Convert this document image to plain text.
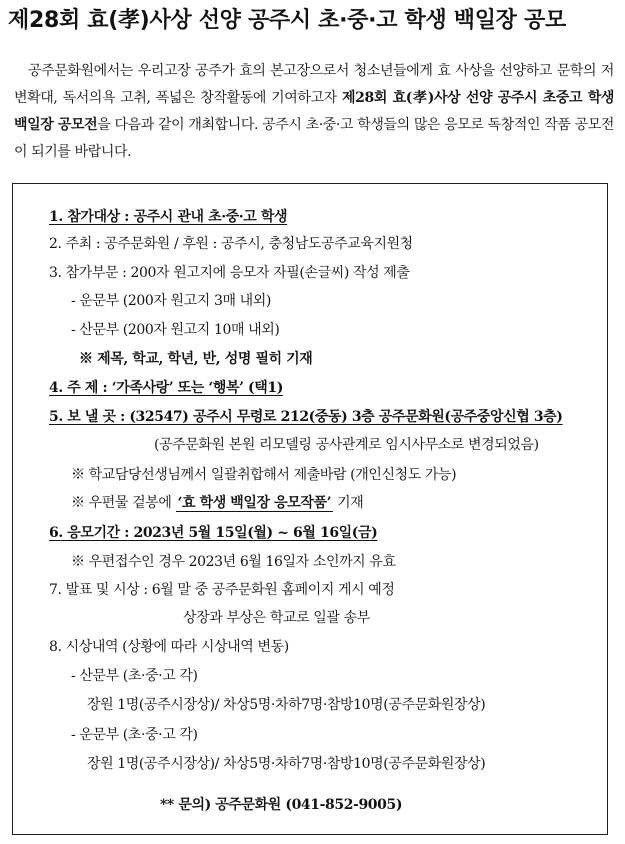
제28회 효(孝)사상 선양 공주시 초·중·고 학생 백일장 공모
공주문화원에서는 우리고장 공주가 효의 본고장으로서 청소년들에게 효 사상을 선양하고 문학의 저변확대, 독서의욕 고취, 폭넓은 창작활동에 기여하고자 제28회 효(孝)사상 선양 공주시 초중고 학생 백일장 공모전을 다음과 같이 개최합니다. 공주시 초·중·고 학생들의 많은 응모로 독창적인 작품 공모전이 되기를 바랍니다.
1. 참가대상 : 공주시 관내 초·중·고 학생
2. 주최 : 공주문화원 / 후원 : 공주시, 충청남도공주교육지원청
3. 참가부문 : 200자 원고지에 응모자 자필(손글씨) 작성 제출
- 운문부 (200자 원고지 3매 내외)
- 산문부 (200자 원고지 10매 내외)
※ 제목, 학교, 학년, 반, 성명 필히 기재
4. 주 제 : ‘가족사랑’ 또는 ‘행복’ (택1)
5. 보 낼 곳 : (32547) 공주시 무령로 212(중동) 3층 공주문화원(공주중앙신협 3층)
(공주문화원 본원 리모델링 공사관계로 임시사무소로 변경되었음)
※ 학교담당선생님께서 일괄취합해서 제출바람 (개인신청도 가능)
※ 우편물 겉봉에 ‘효 학생 백일장 응모작품’ 기재
6. 응모기간 : 2023년 5월 15일(월) ~ 6월 16일(금)
※ 우편접수인 경우 2023년 6월 16일자 소인까지 유효
7. 발표 및 시상 : 6월 말 중 공주문화원 홈페이지 게시 예정
상장과 부상은 학교로 일괄 송부
8. 시상내역 (상황에 따라 시상내역 변동)
- 산문부 (초·중·고 각)
장원 1명(공주시장상)/ 차상5명·차하7명·참방10명(공주문화원장상)
- 운문부 (초·중·고 각)
장원 1명(공주시장상)/ 차상5명·차하7명·참방10명(공주문화원장상)
** 문의) 공주문화원 (041-852-9005)
